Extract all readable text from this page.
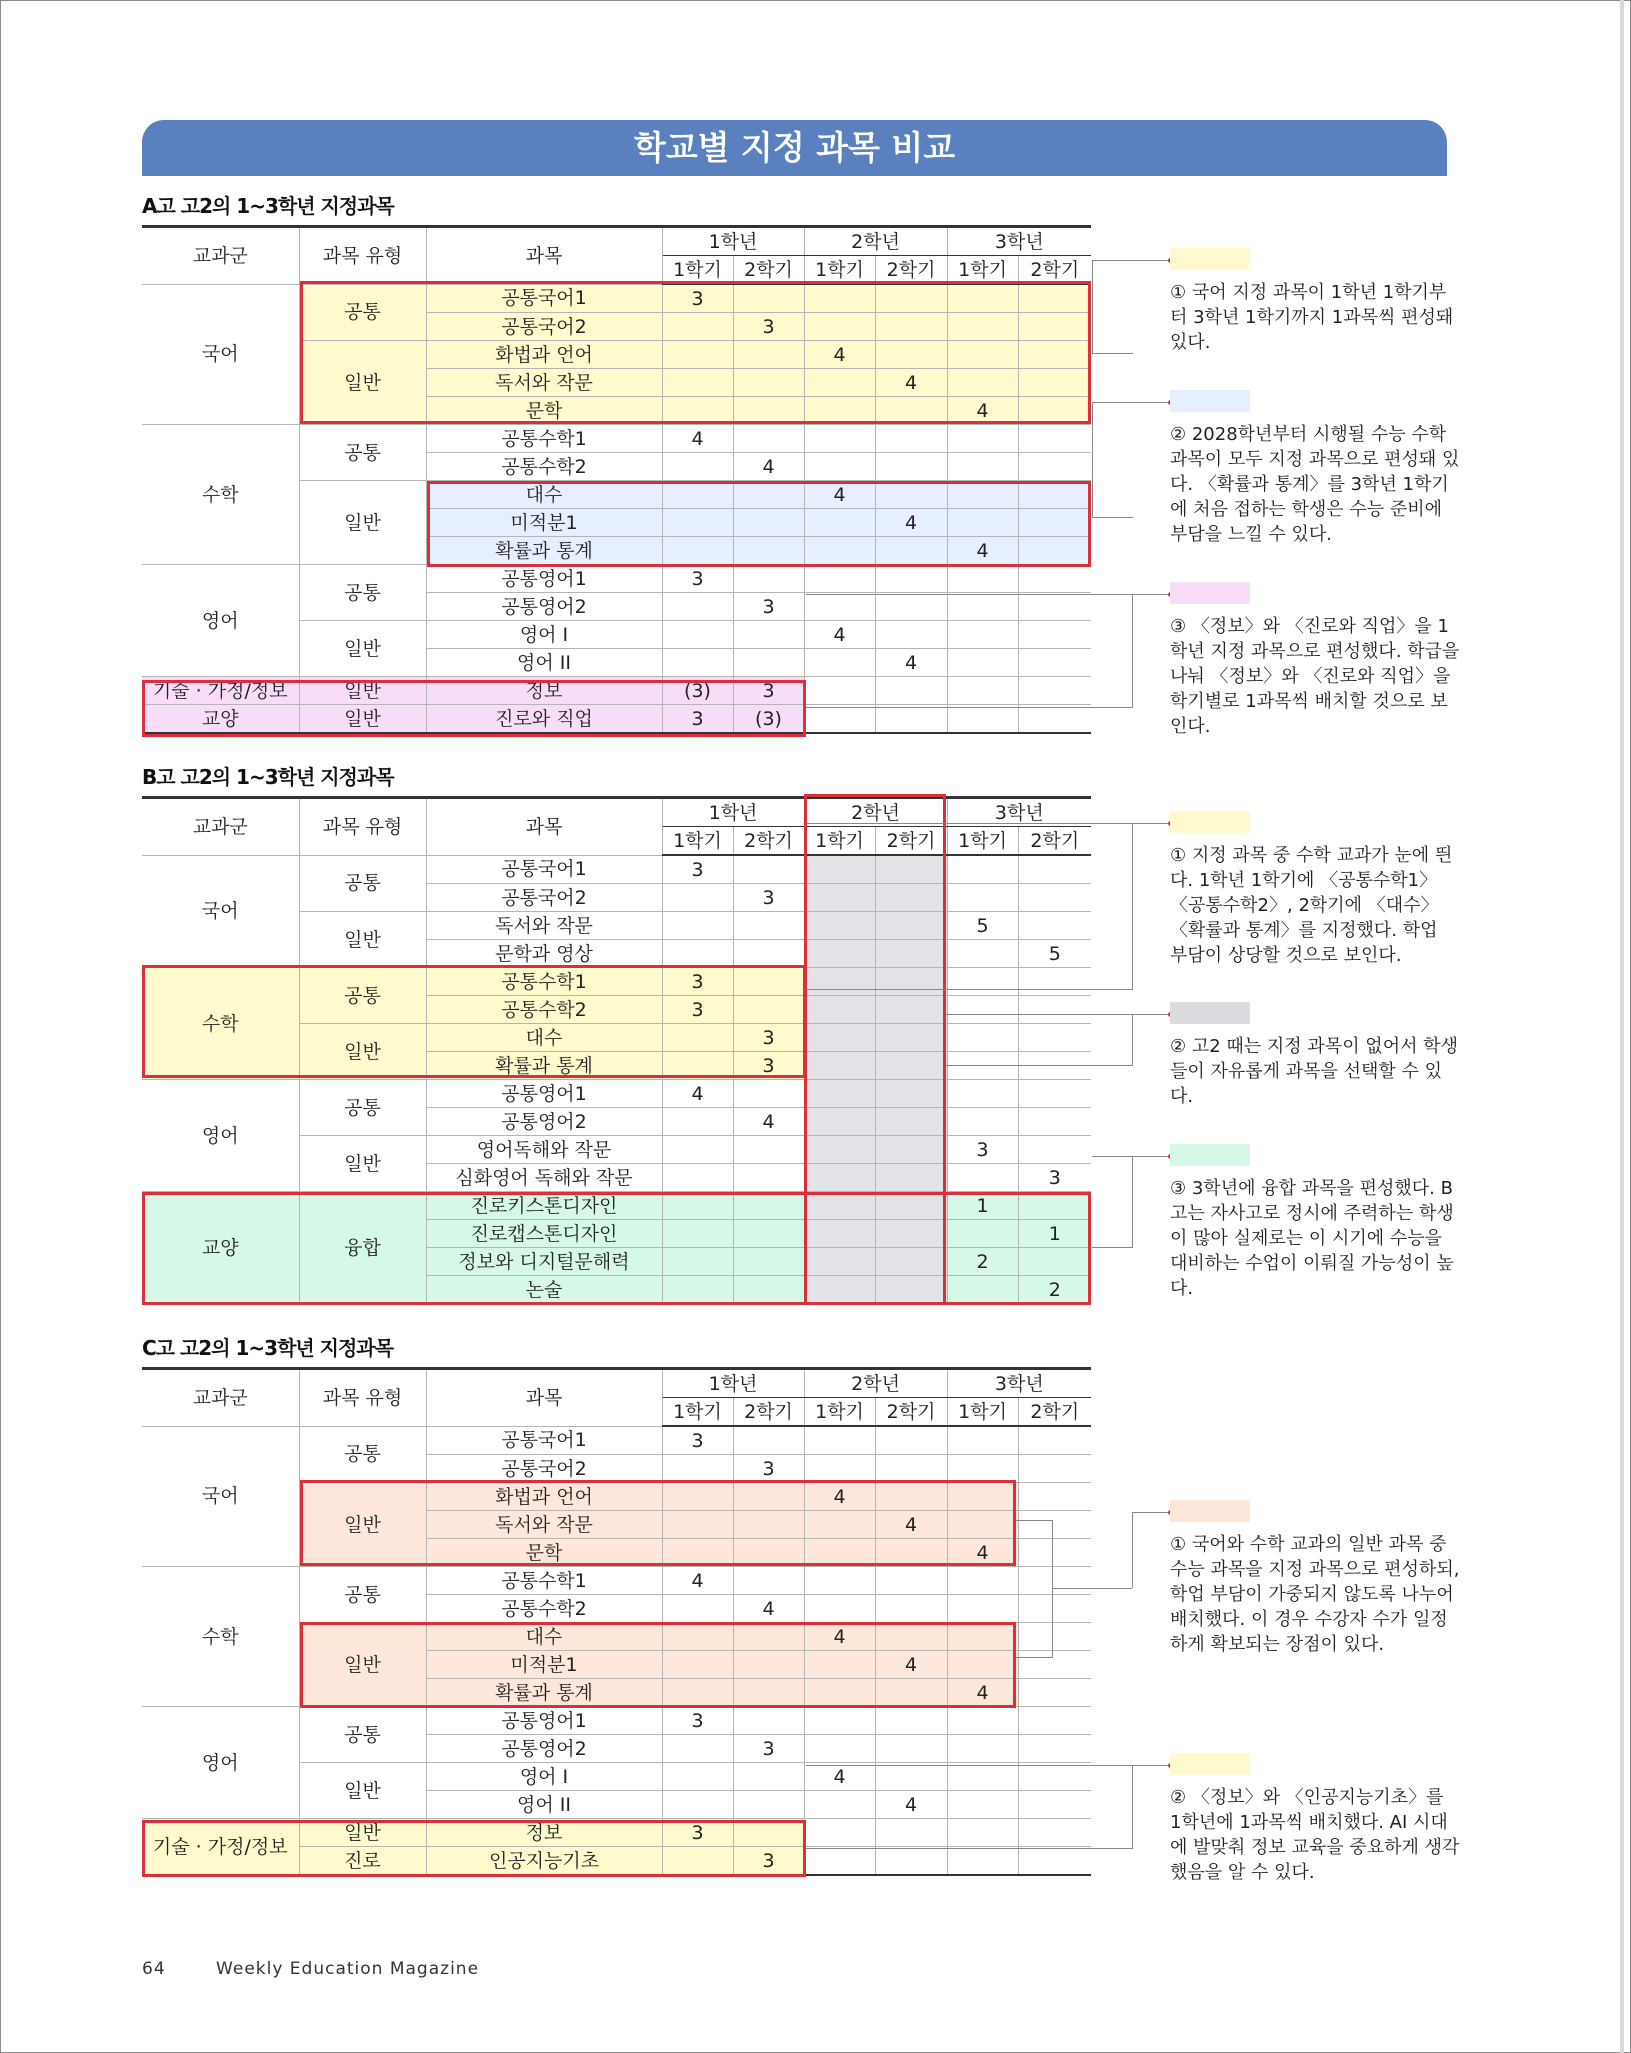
학교별 지정 과목 비교
A고 고2의 1~3학년 지정과목
교과군	과목 유형	과목	1학년		2학년		3학년	
			1학기	2학기	1학기	2학기	1학기	2학기
국어	공통	공통국어1	3					
		공통국어2		3				
	일반	화법과 언어			4			
		독서와 작문				4		
		문학					4	
수학	공통	공통수학1	4					
		공통수학2		4				
	일반	대수			4			
		미적분1				4		
		확률과 통계					4	
영어	공통	공통영어1	3					
		공통영어2		3				
	일반	영어 I			4			
		영어 II				4		
기술 · 가정/정보	일반	정보	(3)	3				
교양	일반	진로와 직업	3	(3)				
① 국어 지정 과목이 1학년 1학기부터 3학년 1학기까지 1과목씩 편성돼 있다.
② 2028학년부터 시행될 수능 수학 과목이 모두 지정 과목으로 편성돼 있다. 〈확률과 통계〉를 3학년 1학기에 처음 접하는 학생은 수능 준비에 부담을 느낄 수 있다.
③ 〈정보〉와 〈진로와 직업〉을 1학년 지정 과목으로 편성했다. 학급을 나눠 〈정보〉와 〈진로와 직업〉을 학기별로 1과목씩 배치할 것으로 보인다.
B고 고2의 1~3학년 지정과목
교과군	과목 유형	과목	1학년		2학년		3학년	
			1학기	2학기	1학기	2학기	1학기	2학기
국어	공통	공통국어1	3					
		공통국어2		3				
	일반	독서와 작문					5	
		문학과 영상						5
수학	공통	공통수학1	3					
		공통수학2	3					
	일반	대수		3				
		확률과 통계		3				
영어	공통	공통영어1	4					
		공통영어2		4				
	일반	영어독해와 작문					3	
		심화영어 독해와 작문						3
교양	융합	진로키스톤디자인					1	
		진로캡스톤디자인						1
		정보와 디지털문해력					2	
		논술						2
① 지정 과목 중 수학 교과가 눈에 띈다. 1학년 1학기에 〈공통수학1〉〈공통수학2〉, 2학기에 〈대수〉〈확률과 통계〉를 지정했다. 학업 부담이 상당할 것으로 보인다.
② 고2 때는 지정 과목이 없어서 학생들이 자유롭게 과목을 선택할 수 있다.
③ 3학년에 융합 과목을 편성했다. B고는 자사고로 정시에 주력하는 학생이 많아 실제로는 이 시기에 수능을 대비하는 수업이 이뤄질 가능성이 높다.
C고 고2의 1~3학년 지정과목
교과군	과목 유형	과목	1학년		2학년		3학년	
			1학기	2학기	1학기	2학기	1학기	2학기
국어	공통	공통국어1	3					
		공통국어2		3				
	일반	화법과 언어			4			
		독서와 작문				4		
		문학					4	
수학	공통	공통수학1	4					
		공통수학2		4				
	일반	대수			4			
		미적분1				4		
		확률과 통계					4	
영어	공통	공통영어1	3					
		공통영어2		3				
	일반	영어 I			4			
		영어 II				4		
기술 · 가정/정보	일반	정보	3					
	진로	인공지능기초		3				
① 국어와 수학 교과의 일반 과목 중 수능 과목을 지정 과목으로 편성하되, 학업 부담이 가중되지 않도록 나누어 배치했다. 이 경우 수강자 수가 일정하게 확보되는 장점이 있다.
② 〈정보〉와 〈인공지능기초〉를 1학년에 1과목씩 배치했다. AI 시대에 발맞춰 정보 교육을 중요하게 생각했음을 알 수 있다.
64	Weekly Education Magazine
